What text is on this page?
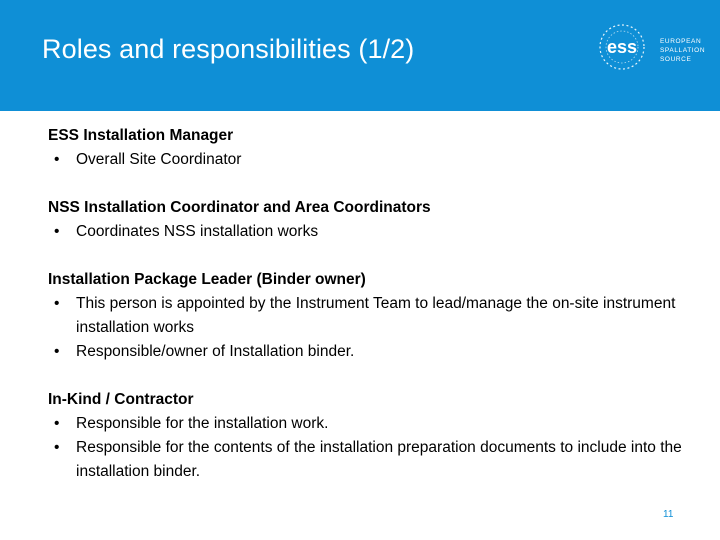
Roles and responsibilities (1/2)	ess	EUROPEAN
SPALLATION
SOURCE
ESS Installation Manager
• Overall Site Coordinator
NSS Installation Coordinator and Area Coordinators
• Coordinates NSS installation works
Installation Package Leader (Binder owner)
• This person is appointed by the Instrument Team to lead/manage the on-site instrument installation works
• Responsible/owner of Installation binder.
In-Kind / Contractor
• Responsible for the installation work.
• Responsible for the contents of the installation preparation documents to include into the installation binder.
11
